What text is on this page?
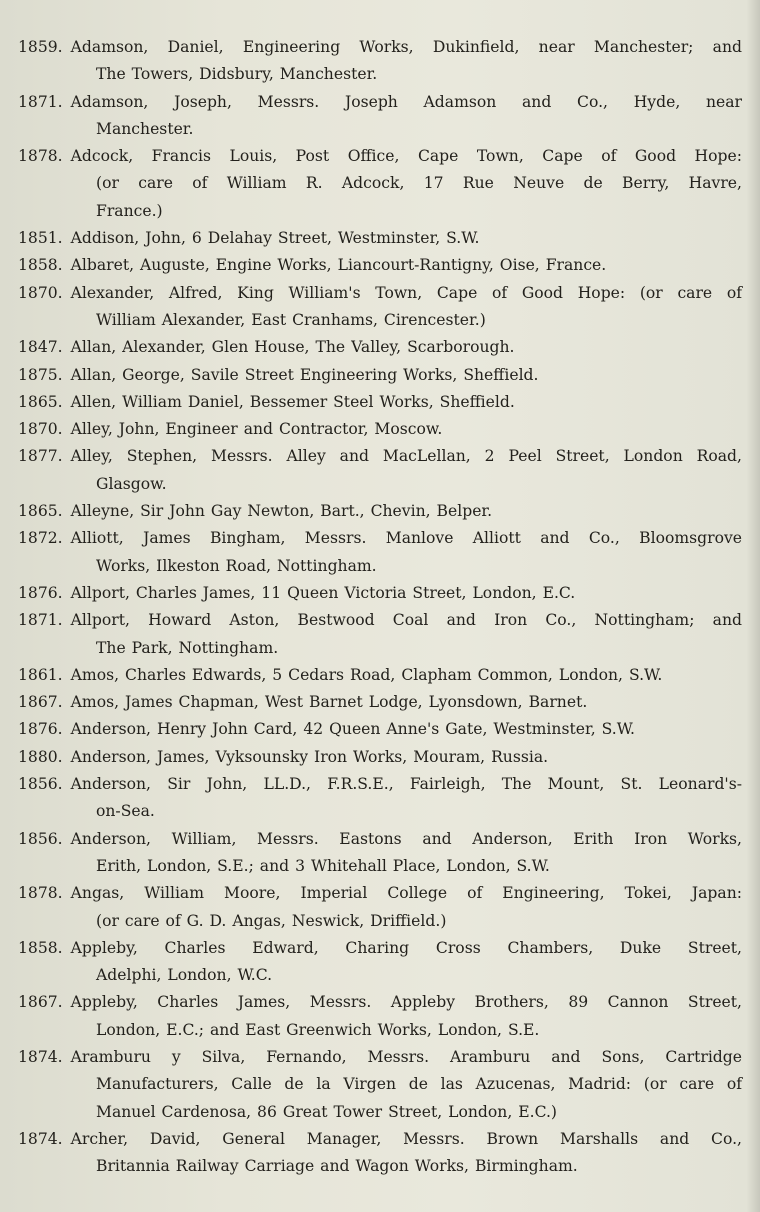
1859. Adamson, Daniel, Engineering Works, Dukinfield, near Manchester; and
The Towers, Didsbury, Manchester.
1871. Adamson, Joseph, Messrs. Joseph Adamson and Co., Hyde, near
Manchester.
1878. Adcock, Francis Louis, Post Office, Cape Town, Cape of Good Hope:
(or care of William R. Adcock, 17 Rue Neuve de Berry, Havre,
France.)
1851. Addison, John, 6 Delahay Street, Westminster, S.W.
1858. Albaret, Auguste, Engine Works, Liancourt-Rantigny, Oise, France.
1870. Alexander, Alfred, King William's Town, Cape of Good Hope: (or care of
William Alexander, East Cranhams, Cirencester.)
1847. Allan, Alexander, Glen House, The Valley, Scarborough.
1875. Allan, George, Savile Street Engineering Works, Sheffield.
1865. Allen, William Daniel, Bessemer Steel Works, Sheffield.
1870. Alley, John, Engineer and Contractor, Moscow.
1877. Alley, Stephen, Messrs. Alley and MacLellan, 2 Peel Street, London Road,
Glasgow.
1865. Alleyne, Sir John Gay Newton, Bart., Chevin, Belper.
1872. Alliott, James Bingham, Messrs. Manlove Alliott and Co., Bloomsgrove
Works, Ilkeston Road, Nottingham.
1876. Allport, Charles James, 11 Queen Victoria Street, London, E.C.
1871. Allport, Howard Aston, Bestwood Coal and Iron Co., Nottingham; and
The Park, Nottingham.
1861. Amos, Charles Edwards, 5 Cedars Road, Clapham Common, London, S.W.
1867. Amos, James Chapman, West Barnet Lodge, Lyonsdown, Barnet.
1876. Anderson, Henry John Card, 42 Queen Anne's Gate, Westminster, S.W.
1880. Anderson, James, Vyksounsky Iron Works, Mouram, Russia.
1856. Anderson, Sir John, LL.D., F.R.S.E., Fairleigh, The Mount, St. Leonard's-
on-Sea.
1856. Anderson, William, Messrs. Eastons and Anderson, Erith Iron Works,
Erith, London, S.E.; and 3 Whitehall Place, London, S.W.
1878. Angas, William Moore, Imperial College of Engineering, Tokei, Japan:
(or care of G. D. Angas, Neswick, Driffield.)
1858. Appleby, Charles Edward, Charing Cross Chambers, Duke Street,
Adelphi, London, W.C.
1867. Appleby, Charles James, Messrs. Appleby Brothers, 89 Cannon Street,
London, E.C.; and East Greenwich Works, London, S.E.
1874. Aramburu y Silva, Fernando, Messrs. Aramburu and Sons, Cartridge
Manufacturers, Calle de la Virgen de las Azucenas, Madrid: (or care of
Manuel Cardenosa, 86 Great Tower Street, London, E.C.)
1874. Archer, David, General Manager, Messrs. Brown Marshalls and Co.,
Britannia Railway Carriage and Wagon Works, Birmingham.
